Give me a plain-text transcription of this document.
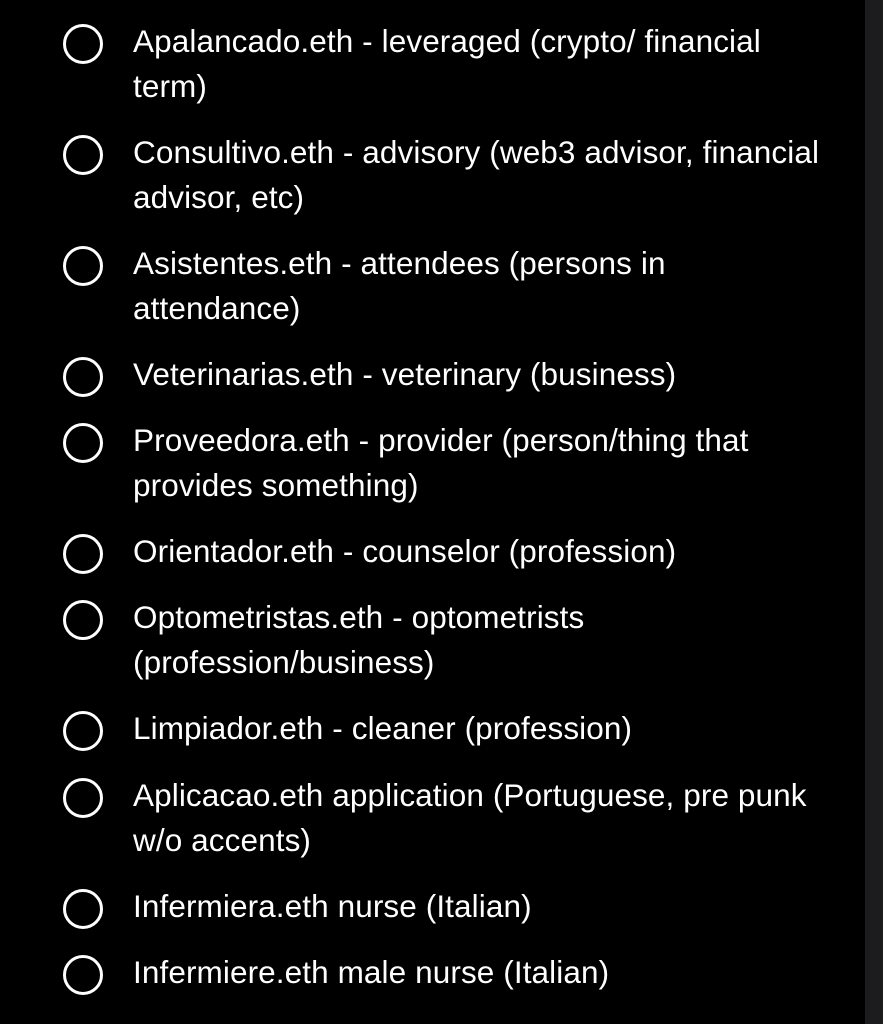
Apalancado.eth - leveraged (crypto/ financial term)
Consultivo.eth - advisory (web3 advisor, financial advisor, etc)
Asistentes.eth - attendees (persons in attendance)
Veterinarias.eth - veterinary (business)
Proveedora.eth - provider (person/thing that provides something)
Orientador.eth - counselor (profession)
Optometristas.eth - optometrists (profession/business)
Limpiador.eth - cleaner (profession)
Aplicacao.eth application (Portuguese, pre punk w/o accents)
Infermiera.eth nurse (Italian)
Infermiere.eth male nurse (Italian)
